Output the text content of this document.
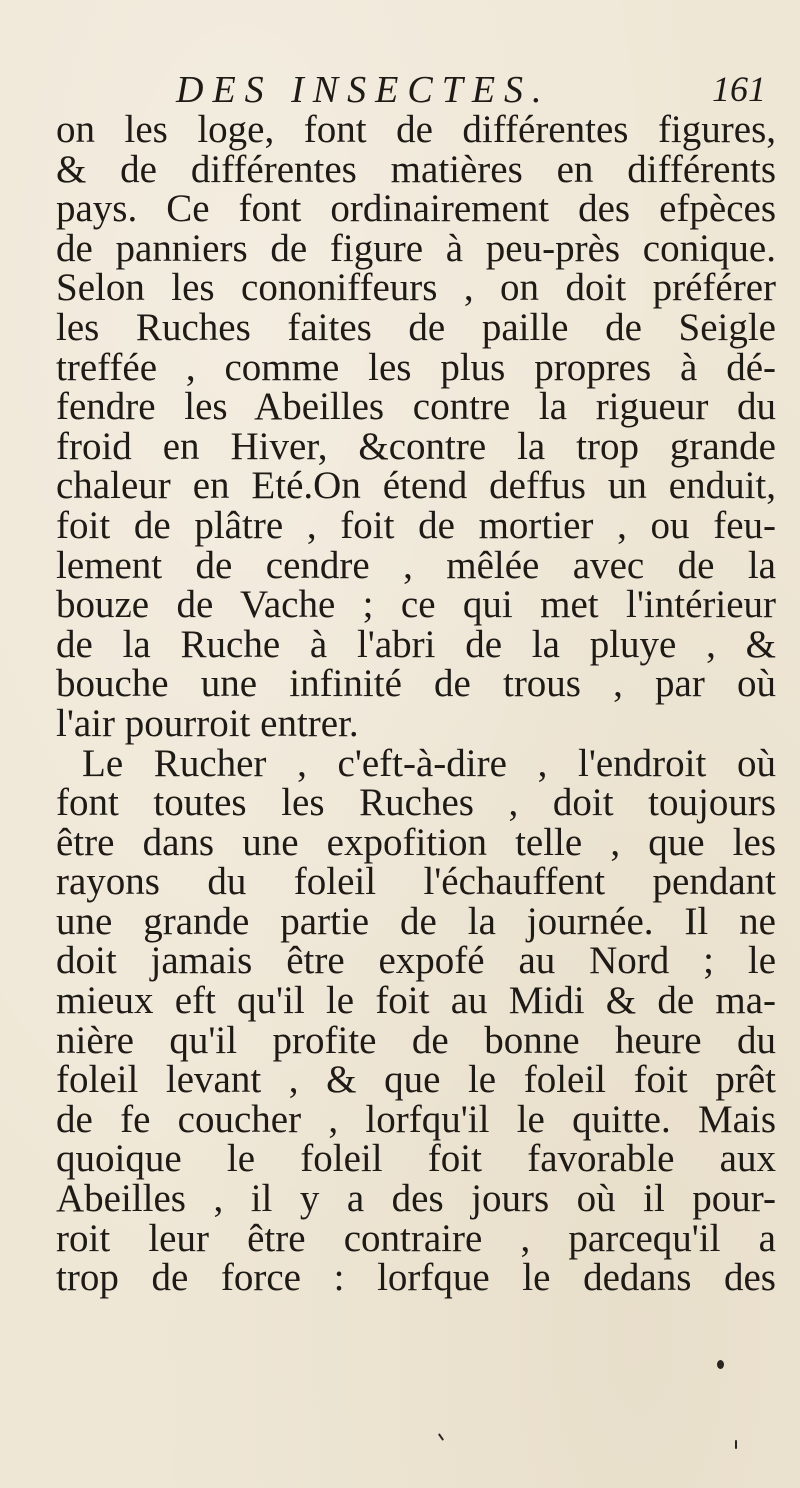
DES INSECTES.	161
on les loge, font de différentes figures,
& de différentes matières en différents
pays. Ce font ordinairement des efpèces
de panniers de figure à peu-près conique.
Selon les cononiffeurs , on doit préférer
les Ruches faites de paille de Seigle
treffée , comme les plus propres à dé-
fendre les Abeilles contre la rigueur du
froid en Hiver, &contre la trop grande
chaleur en Eté.On étend deffus un enduit,
foit de plâtre , foit de mortier , ou feu-
lement de cendre , mêlée avec de la
bouze de Vache ; ce qui met l'intérieur
de la Ruche à l'abri de la pluye , &
bouche une infinité de trous , par où
l'air pourroit entrer.
Le Rucher , c'eft-à-dire , l'endroit où
font toutes les Ruches , doit toujours
être dans une expofition telle , que les
rayons du foleil l'échauffent pendant
une grande partie de la journée. Il ne
doit jamais être expofé au Nord ; le
mieux eft qu'il le foit au Midi & de ma-
nière qu'il profite de bonne heure du
foleil levant , & que le foleil foit prêt
de fe coucher , lorfqu'il le quitte. Mais
quoique le foleil foit favorable aux
Abeilles , il y a des jours où il pour-
roit leur être contraire , parcequ'il a
trop de force : lorfque le dedans des
